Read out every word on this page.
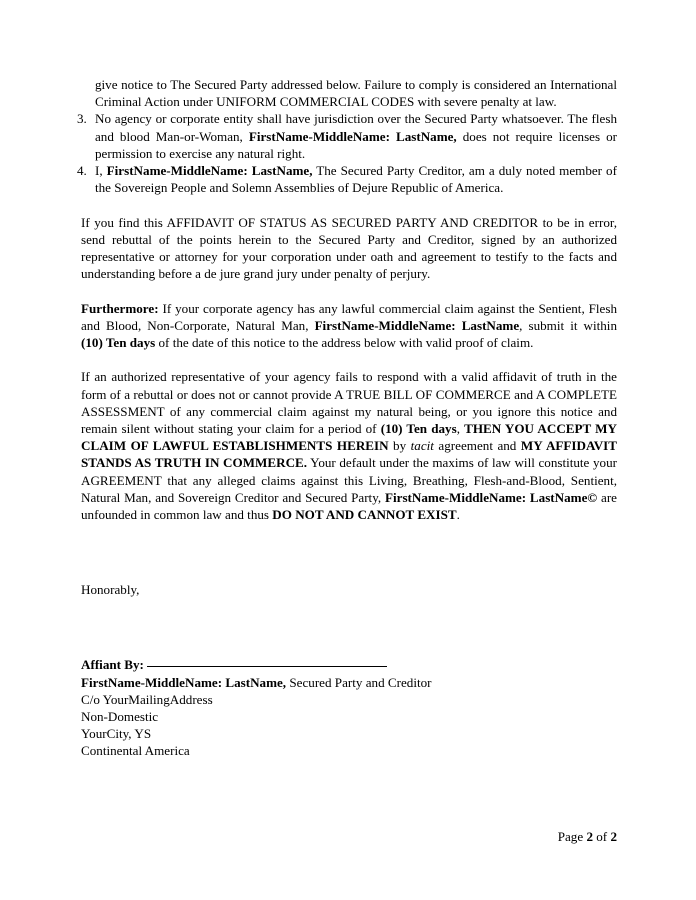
give notice to The Secured Party addressed below. Failure to comply is considered an International Criminal Action under UNIFORM COMMERCIAL CODES with severe penalty at law.
3. No agency or corporate entity shall have jurisdiction over the Secured Party whatsoever. The flesh and blood Man-or-Woman, FirstName-MiddleName: LastName, does not require licenses or permission to exercise any natural right.
4. I, FirstName-MiddleName: LastName, The Secured Party Creditor, am a duly noted member of the Sovereign People and Solemn Assemblies of Dejure Republic of America.

If you find this AFFIDAVIT OF STATUS AS SECURED PARTY AND CREDITOR to be in error, send rebuttal of the points herein to the Secured Party and Creditor, signed by an authorized representative or attorney for your corporation under oath and agreement to testify to the facts and understanding before a de jure grand jury under penalty of perjury.

Furthermore: If your corporate agency has any lawful commercial claim against the Sentient, Flesh and Blood, Non-Corporate, Natural Man, FirstName-MiddleName: LastName, submit it within (10) Ten days of the date of this notice to the address below with valid proof of claim.

If an authorized representative of your agency fails to respond with a valid affidavit of truth in the form of a rebuttal or does not or cannot provide A TRUE BILL OF COMMERCE and A COMPLETE ASSESSMENT of any commercial claim against my natural being, or you ignore this notice and remain silent without stating your claim for a period of (10) Ten days, THEN YOU ACCEPT MY CLAIM OF LAWFUL ESTABLISHMENTS HEREIN by tacit agreement and MY AFFIDAVIT STANDS AS TRUTH IN COMMERCE. Your default under the maxims of law will constitute your AGREEMENT that any alleged claims against this Living, Breathing, Flesh-and-Blood, Sentient, Natural Man, and Sovereign Creditor and Secured Party, FirstName-MiddleName: LastName© are unfounded in common law and thus DO NOT AND CANNOT EXIST.

Honorably,
Affiant By:
FirstName-MiddleName: LastName, Secured Party and Creditor
C/o YourMailingAddress
Non-Domestic
YourCity, YS
Continental America
Page 2 of 2
